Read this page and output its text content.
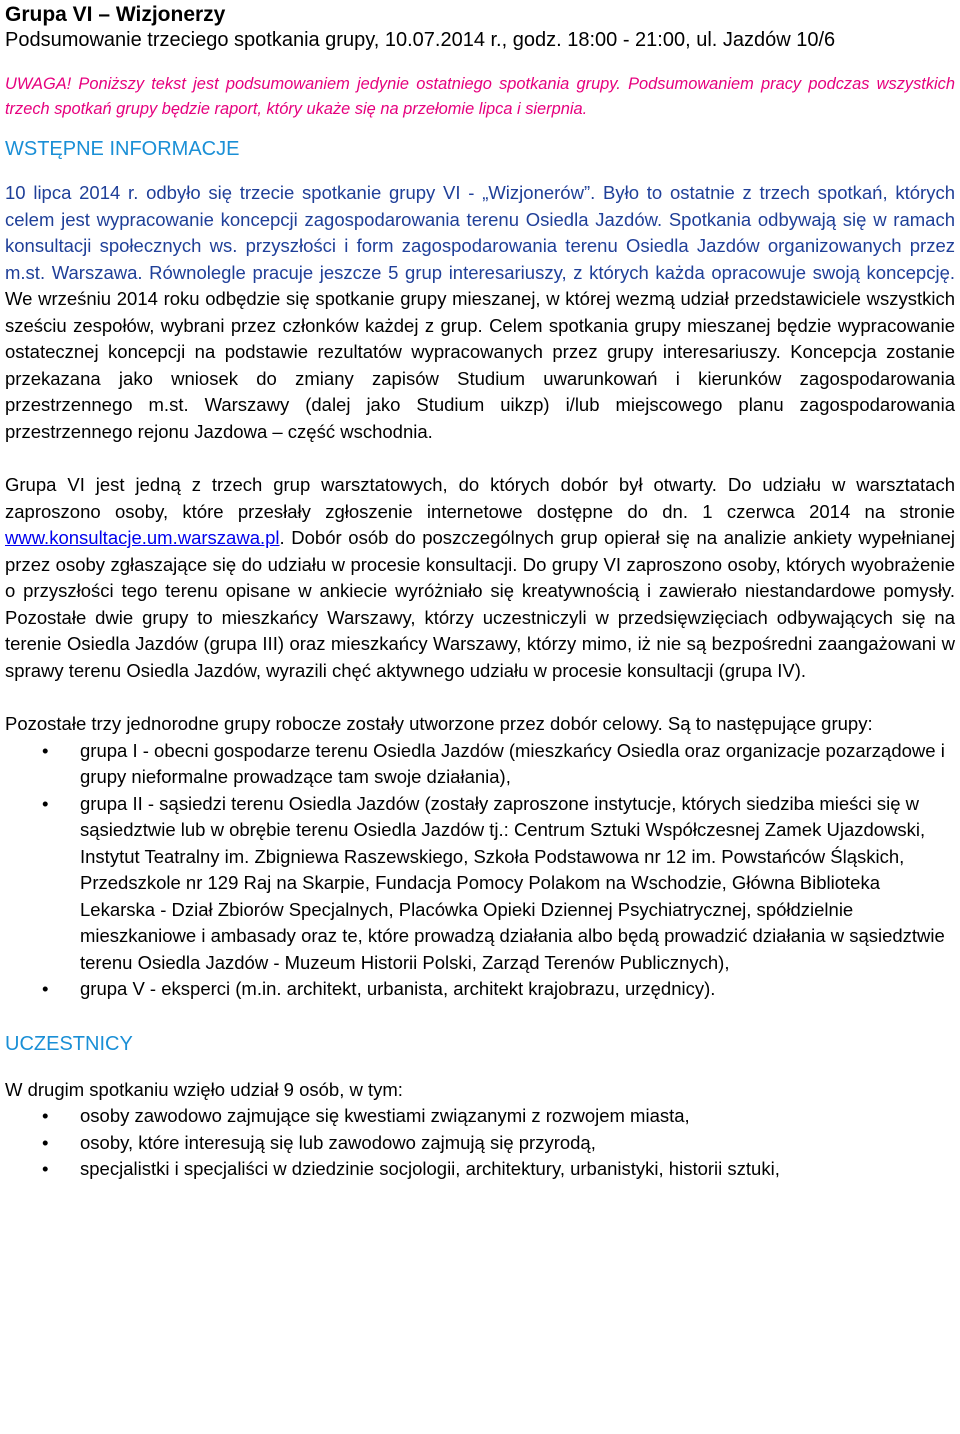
Grupa VI – Wizjonerzy
Podsumowanie trzeciego spotkania grupy, 10.07.2014 r., godz. 18:00 - 21:00, ul. Jazdów 10/6
UWAGA! Poniższy tekst jest podsumowaniem jedynie ostatniego spotkania grupy. Podsumowaniem pracy podczas wszystkich trzech spotkań grupy będzie raport, który ukaże się na przełomie lipca i sierpnia.
WSTĘPNE INFORMACJE

10 lipca 2014 r. odbyło się trzecie spotkanie grupy VI - „Wizjonerów”. Było to ostatnie z trzech spotkań, których celem jest wypracowanie koncepcji zagospodarowania terenu Osiedla Jazdów. Spotkania odbywają się w ramach konsultacji społecznych ws. przyszłości i form zagospodarowania terenu Osiedla Jazdów organizowanych przez m.st. Warszawa. Równolegle pracuje jeszcze 5 grup interesariuszy, z których każda opracowuje swoją koncepcję. We wrześniu 2014 roku odbędzie się spotkanie grupy mieszanej, w której wezmą udział przedstawiciele wszystkich sześciu zespołów, wybrani przez członków każdej z grup. Celem spotkania grupy mieszanej będzie wypracowanie ostatecznej koncepcji na podstawie rezultatów wypracowanych przez grupy interesariuszy. Koncepcja zostanie przekazana jako wniosek do zmiany zapisów Studium uwarunkowań i kierunków zagospodarowania przestrzennego m.st. Warszawy (dalej jako Studium uikzp) i/lub miejscowego planu zagospodarowania przestrzennego rejonu Jazdowa – część wschodnia.

Grupa VI jest jedną z trzech grup warsztatowych, do których dobór był otwarty. Do udziału w warsztatach zaproszono osoby, które przesłały zgłoszenie internetowe dostępne do dn. 1 czerwca 2014 na stronie www.konsultacje.um.warszawa.pl. Dobór osób do poszczególnych grup opierał się na analizie ankiety wypełnianej przez osoby zgłaszające się do udziału w procesie konsultacji. Do grupy VI zaproszono osoby, których wyobrażenie o przyszłości tego terenu opisane w ankiecie wyróżniało się kreatywnością i zawierało niestandardowe pomysły. Pozostałe dwie grupy to mieszkańcy Warszawy, którzy uczestniczyli w przedsięwzięciach odbywających się na terenie Osiedla Jazdów (grupa III) oraz mieszkańcy Warszawy, którzy mimo, iż nie są bezpośredni zaangażowani w sprawy terenu Osiedla Jazdów, wyrazili chęć aktywnego udziału w procesie konsultacji (grupa IV).

Pozostałe trzy jednorodne grupy robocze zostały utworzone przez dobór celowy. Są to następujące grupy:

• grupa I - obecni gospodarze terenu Osiedla Jazdów (mieszkańcy Osiedla oraz organizacje pozarządowe i grupy nieformalne prowadzące tam swoje działania),
• grupa II - sąsiedzi terenu Osiedla Jazdów (zostały zaproszone instytucje, których siedziba mieści się w sąsiedztwie lub w obrębie terenu Osiedla Jazdów tj.: Centrum Sztuki Współczesnej Zamek Ujazdowski, Instytut Teatralny im. Zbigniewa Raszewskiego, Szkoła Podstawowa nr 12 im. Powstańców Śląskich, Przedszkole nr 129 Raj na Skarpie, Fundacja Pomocy Polakom na Wschodzie, Główna Biblioteka Lekarska - Dział Zbiorów Specjalnych, Placówka Opieki Dziennej Psychiatrycznej, spółdzielnie mieszkaniowe i ambasady oraz te, które prowadzą działania albo będą prowadzić działania w sąsiedztwie terenu Osiedla Jazdów - Muzeum Historii Polski, Zarząd Terenów Publicznych),
• grupa V - eksperci (m.in. architekt, urbanista, architekt krajobrazu, urzędnicy).
UCZESTNICY

W drugim spotkaniu wzięło udział 9 osób, w tym:

• osoby zawodowo zajmujące się kwestiami związanymi z rozwojem miasta,
• osoby, które interesują się lub zawodowo zajmują się przyrodą,
• specjalistki i specjaliści w dziedzinie socjologii, architektury, urbanistyki, historii sztuki,
